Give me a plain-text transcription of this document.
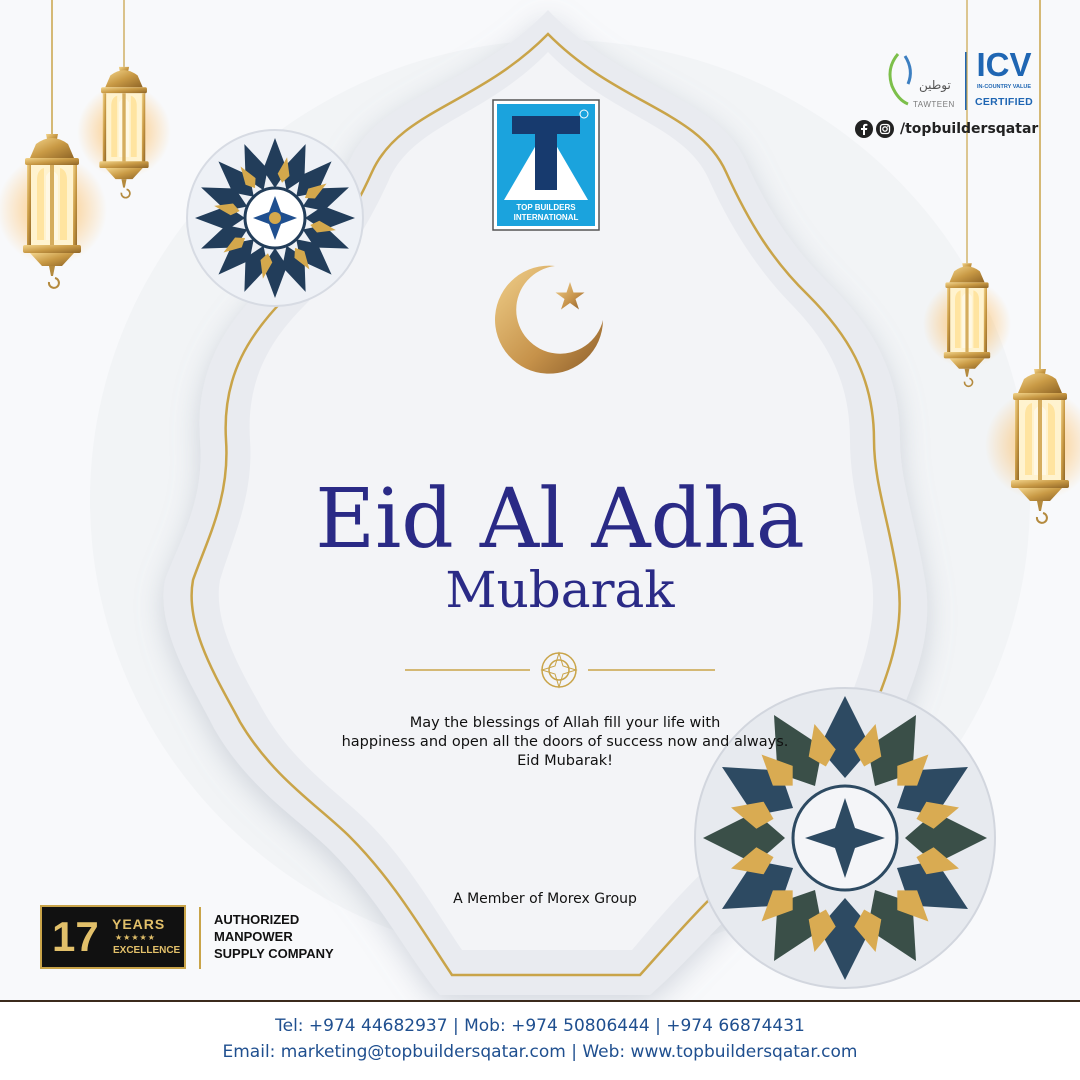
TOP BUILDERS
INTERNATIONAL
توطين
TAWTEEN
ICV
IN-COUNTRY VALUE
CERTIFIED
/topbuildersqatar
Eid Al Adha
Mubarak
May the blessings of Allah fill your life with
happiness and open all the doors of success now and always.
Eid Mubarak!
A Member of Morex Group
17 YEARS
★★★★★
EXCELLENCE
AUTHORIZED
MANPOWER
SUPPLY COMPANY
Tel: +974 44682937 | Mob: +974 50806444 | +974 66874431
Email: marketing@topbuildersqatar.com | Web: www.topbuildersqatar.com
